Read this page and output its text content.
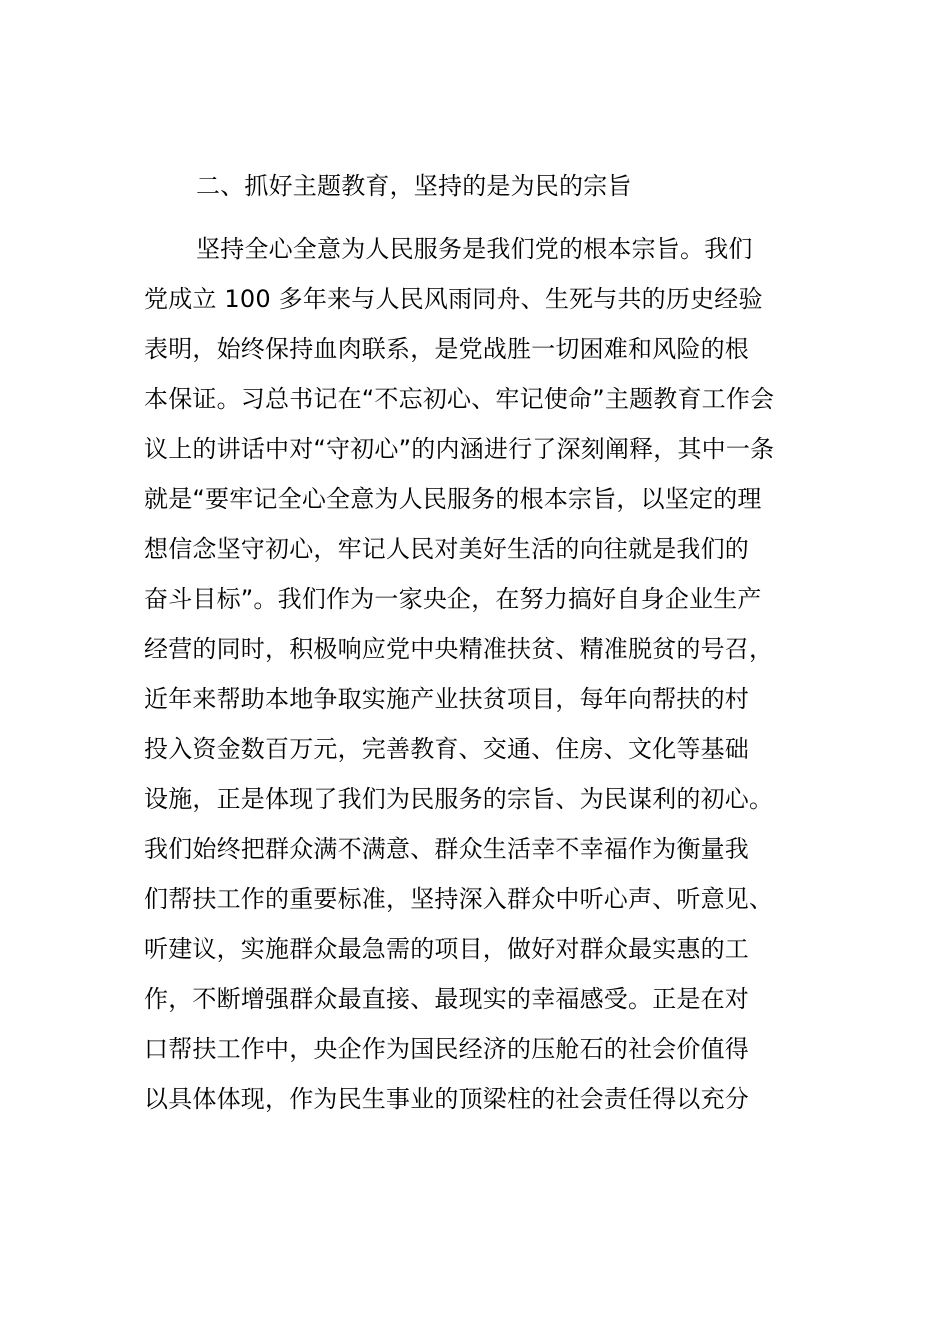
二、抓好主题教育，坚持的是为民的宗旨
坚持全心全意为人民服务是我们党的根本宗旨。我们
党成立 100 多年来与人民风雨同舟、生死与共的历史经验
表明，始终保持血肉联系，是党战胜一切困难和风险的根
本保证。习总书记在“不忘初心、牢记使命”主题教育工作会
议上的讲话中对“守初心”的内涵进行了深刻阐释，其中一条
就是“要牢记全心全意为人民服务的根本宗旨，以坚定的理
想信念坚守初心，牢记人民对美好生活的向往就是我们的
奋斗目标”。我们作为一家央企，在努力搞好自身企业生产
经营的同时，积极响应党中央精准扶贫、精准脱贫的号召，
近年来帮助本地争取实施产业扶贫项目，每年向帮扶的村
投入资金数百万元，完善教育、交通、住房、文化等基础
设施，正是体现了我们为民服务的宗旨、为民谋利的初心。
我们始终把群众满不满意、群众生活幸不幸福作为衡量我
们帮扶工作的重要标准，坚持深入群众中听心声、听意见、
听建议，实施群众最急需的项目，做好对群众最实惠的工
作，不断增强群众最直接、最现实的幸福感受。正是在对
口帮扶工作中，央企作为国民经济的压舱石的社会价值得
以具体体现，作为民生事业的顶梁柱的社会责任得以充分
